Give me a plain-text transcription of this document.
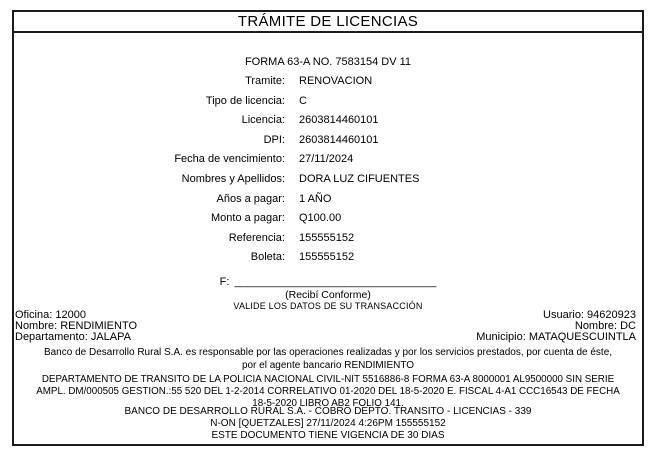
TRÁMITE DE LICENCIAS
FORMA 63-A NO. 7583154 DV 11
Tramite: RENOVACION
Tipo de licencia: C
Licencia: 2603814460101
DPI: 2603814460101
Fecha de vencimiento: 27/11/2024
Nombres y Apellidos: DORA LUZ CIFUENTES
Años a pagar: 1 AÑO
Monto a pagar: Q100.00
Referencia: 155555152
Boleta: 155555152
F: _________________________________
(Recibí Conforme)
VALIDE LOS DATOS DE SU TRANSACCIÓN
Oficina: 12000
Nombre: RENDIMIENTO
Departamento: JALAPA
Usuario: 94620923
Nombre: DC
Municipio: MATAQUESCUINTLA
Banco de Desarrollo Rural S.A. es responsable por las operaciones realizadas y por los servicios prestados, por cuenta de éste,
por el agente bancario RENDIMIENTO
DEPARTAMENTO DE TRANSITO DE LA POLICIA NACIONAL CIVIL-NIT 5516886-8 FORMA 63-A 8000001 AL9500000 SIN SERIE
AMPL. DM/000505 GESTION.:55 520 DEL 1-2-2014 CORRELATIVO 01-2020 DEL 18-5-2020 E. FISCAL 4-A1 CCC16543 DE FECHA
18-5-2020 LIBRO AB2 FOLIO 141.
BANCO DE DESARROLLO RURAL S.A. - COBRO DEPTO. TRANSITO - LICENCIAS - 339
N-ON [QUETZALES] 27/11/2024 4:26PM 155555152
ESTE DOCUMENTO TIENE VIGENCIA DE 30 DIAS
